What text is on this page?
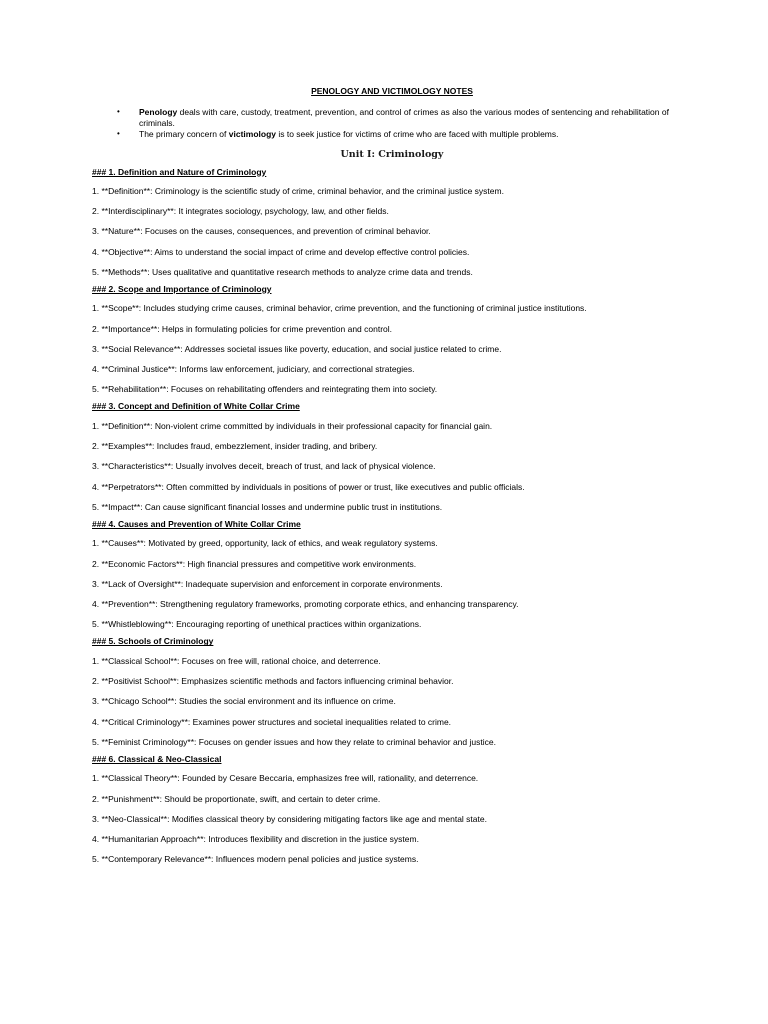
PENOLOGY AND VICTIMOLOGY NOTES
• Penology deals with care, custody, treatment, prevention, and control of crimes as also the various modes of sentencing and rehabilitation of criminals.
• The primary concern of victimology is to seek justice for victims of crime who are faced with multiple problems.
Unit I: Criminology
### 1. Definition and Nature of Criminology
1. **Definition**: Criminology is the scientific study of crime, criminal behavior, and the criminal justice system.
2. **Interdisciplinary**: It integrates sociology, psychology, law, and other fields.
3. **Nature**: Focuses on the causes, consequences, and prevention of criminal behavior.
4. **Objective**: Aims to understand the social impact of crime and develop effective control policies.
5. **Methods**: Uses qualitative and quantitative research methods to analyze crime data and trends.
### 2. Scope and Importance of Criminology
1. **Scope**: Includes studying crime causes, criminal behavior, crime prevention, and the functioning of criminal justice institutions.
2. **Importance**: Helps in formulating policies for crime prevention and control.
3. **Social Relevance**: Addresses societal issues like poverty, education, and social justice related to crime.
4. **Criminal Justice**: Informs law enforcement, judiciary, and correctional strategies.
5. **Rehabilitation**: Focuses on rehabilitating offenders and reintegrating them into society.
### 3. Concept and Definition of White Collar Crime
1. **Definition**: Non-violent crime committed by individuals in their professional capacity for financial gain.
2. **Examples**: Includes fraud, embezzlement, insider trading, and bribery.
3. **Characteristics**: Usually involves deceit, breach of trust, and lack of physical violence.
4. **Perpetrators**: Often committed by individuals in positions of power or trust, like executives and public officials.
5. **Impact**: Can cause significant financial losses and undermine public trust in institutions.
### 4. Causes and Prevention of White Collar Crime
1. **Causes**: Motivated by greed, opportunity, lack of ethics, and weak regulatory systems.
2. **Economic Factors**: High financial pressures and competitive work environments.
3. **Lack of Oversight**: Inadequate supervision and enforcement in corporate environments.
4. **Prevention**: Strengthening regulatory frameworks, promoting corporate ethics, and enhancing transparency.
5. **Whistleblowing**: Encouraging reporting of unethical practices within organizations.
### 5. Schools of Criminology
1. **Classical School**: Focuses on free will, rational choice, and deterrence.
2. **Positivist School**: Emphasizes scientific methods and factors influencing criminal behavior.
3. **Chicago School**: Studies the social environment and its influence on crime.
4. **Critical Criminology**: Examines power structures and societal inequalities related to crime.
5. **Feminist Criminology**: Focuses on gender issues and how they relate to criminal behavior and justice.
### 6. Classical & Neo-Classical
1. **Classical Theory**: Founded by Cesare Beccaria, emphasizes free will, rationality, and deterrence.
2. **Punishment**: Should be proportionate, swift, and certain to deter crime.
3. **Neo-Classical**: Modifies classical theory by considering mitigating factors like age and mental state.
4. **Humanitarian Approach**: Introduces flexibility and discretion in the justice system.
5. **Contemporary Relevance**: Influences modern penal policies and justice systems.
